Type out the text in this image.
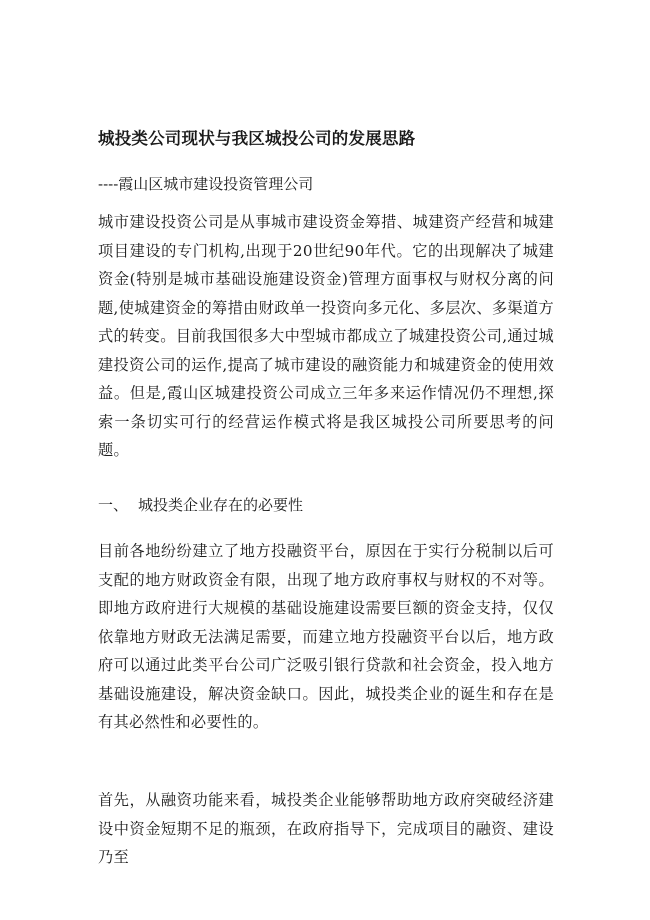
城投类公司现状与我区城投公司的发展思路
----霞山区城市建设投资管理公司
城市建设投资公司是从事城市建设资金筹措、城建资产经营和城建项目建设的专门机构,出现于20世纪90年代。它的出现解决了城建资金(特别是城市基础设施建设资金)管理方面事权与财权分离的问题,使城建资金的筹措由财政单一投资向多元化、多层次、多渠道方式的转变。目前我国很多大中型城市都成立了城建投资公司,通过城建投资公司的运作,提高了城市建设的融资能力和城建资金的使用效益。但是,霞山区城建投资公司成立三年多来运作情况仍不理想,探索一条切实可行的经营运作模式将是我区城投公司所要思考的问题。
一、 城投类企业存在的必要性
目前各地纷纷建立了地方投融资平台，原因在于实行分税制以后可支配的地方财政资金有限，出现了地方政府事权与财权的不对等。即地方政府进行大规模的基础设施建设需要巨额的资金支持，仅仅依靠地方财政无法满足需要，而建立地方投融资平台以后，地方政府可以通过此类平台公司广泛吸引银行贷款和社会资金，投入地方基础设施建设，解决资金缺口。因此，城投类企业的诞生和存在是有其必然性和必要性的。
首先，从融资功能来看，城投类企业能够帮助地方政府突破经济建设中资金短期不足的瓶颈，在政府指导下，完成项目的融资、建设乃至
